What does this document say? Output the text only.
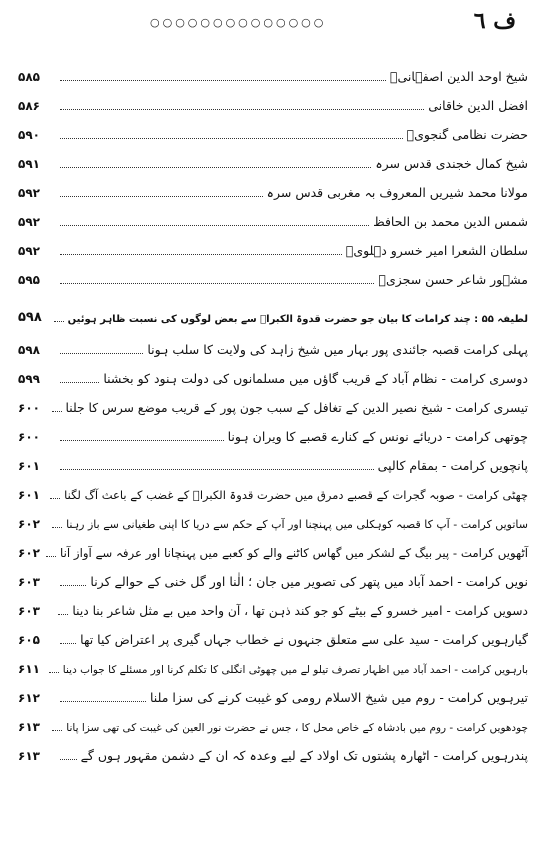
○○○○○○○○○○○○○○	ف ٦
۵۸۵	شیخ اوحد الدین اصفہانیؒ
۵۸۶	افضل الدین خاقانی
۵۹۰	حضرت نظامی گنجویؒ
۵۹۱	شیخ کمال خجندی قدس سرہ
۵۹۲	مولانا محمد شیریں المعروف بہ مغربی قدس سرہ
۵۹۲	شمس الدین محمد بن الحافظ
۵۹۲	سلطان الشعرا امیر خسرو دہلویؒ
۵۹۵	مشہور شاعر حسن سجزیؒ
۵۹۸	لطیفہ ۵۵ : چند کرامات کا بیان جو حضرت قدوۃ الکبراؒ سے بعض لوگوں کی نسبت ظاہر ہوئیں
۵۹۸	پہلی کرامت قصبہ جائندی پور بہار میں شیخ زاہد کی ولایت کا سلب ہونا
۵۹۹	دوسری کرامت - نظام آباد کے قریب گاؤں میں مسلمانوں کی دولت ہنود کو بخشنا
۶۰۰	تیسری کرامت - شیخ نصیر الدین کے تغافل کے سبب جون پور کے قریب موضع سرس کا جلنا
۶۰۰	چوتھی کرامت - دریائے نونس کے کنارے قصبے کا ویران ہونا
۶۰۱	پانچویں کرامت - بمقام کالپی
۶۰۱	چھٹی کرامت - صوبہ گجرات کے قصبے دمرق میں حضرت قدوۃ الکبراؒ کے غضب کے باعث آگ لگنا
۶۰۲	ساتویں کرامت - آپ کا قصبہ کوہکلی میں پہنچنا اور آپ کے حکم سے دریا کا اپنی طغیانی سے باز رہنا
۶۰۲	آٹھویں کرامت - پیر بیگ کے لشکر میں گھاس کاٹنے والے کو کعبے میں پہنچانا اور عرفہ سے آواز آنا
۶۰۳	نویں کرامت - احمد آباد میں پتھر کی تصویر میں جان ؛ الٰنا اور گل خنی کے حوالے کرنا
۶۰۳	دسویں کرامت - امیر خسرو کے بیٹے کو جو کند ذہن تھا ، آن واحد میں بے مثل شاعر بنا دینا
۶۰۵	گیارہویں کرامت - سید علی سے متعلق جنہوں نے خطاب جہاں گیری پر اعتراض کیا تھا
۶۱۱	بارہویں کرامت - احمد آباد میں اظہار تصرف تیلو لے میں چھوٹی انگلی کا تکلم کرنا اور مسئلے کا جواب دینا
۶۱۲	تیرہویں کرامت - روم میں شیخ الاسلام رومی کو غیبت کرنے کی سزا ملنا
۶۱۳	چودھویں کرامت - روم میں بادشاہ کے خاص محل کا ، جس نے حضرت نور العین کی غیبت کی تھی سزا پانا
۶۱۳	پندرہویں کرامت - اٹھارہ پشتوں تک اولاد کے لیے وعدہ کہ ان کے دشمن مقہور ہوں گے
